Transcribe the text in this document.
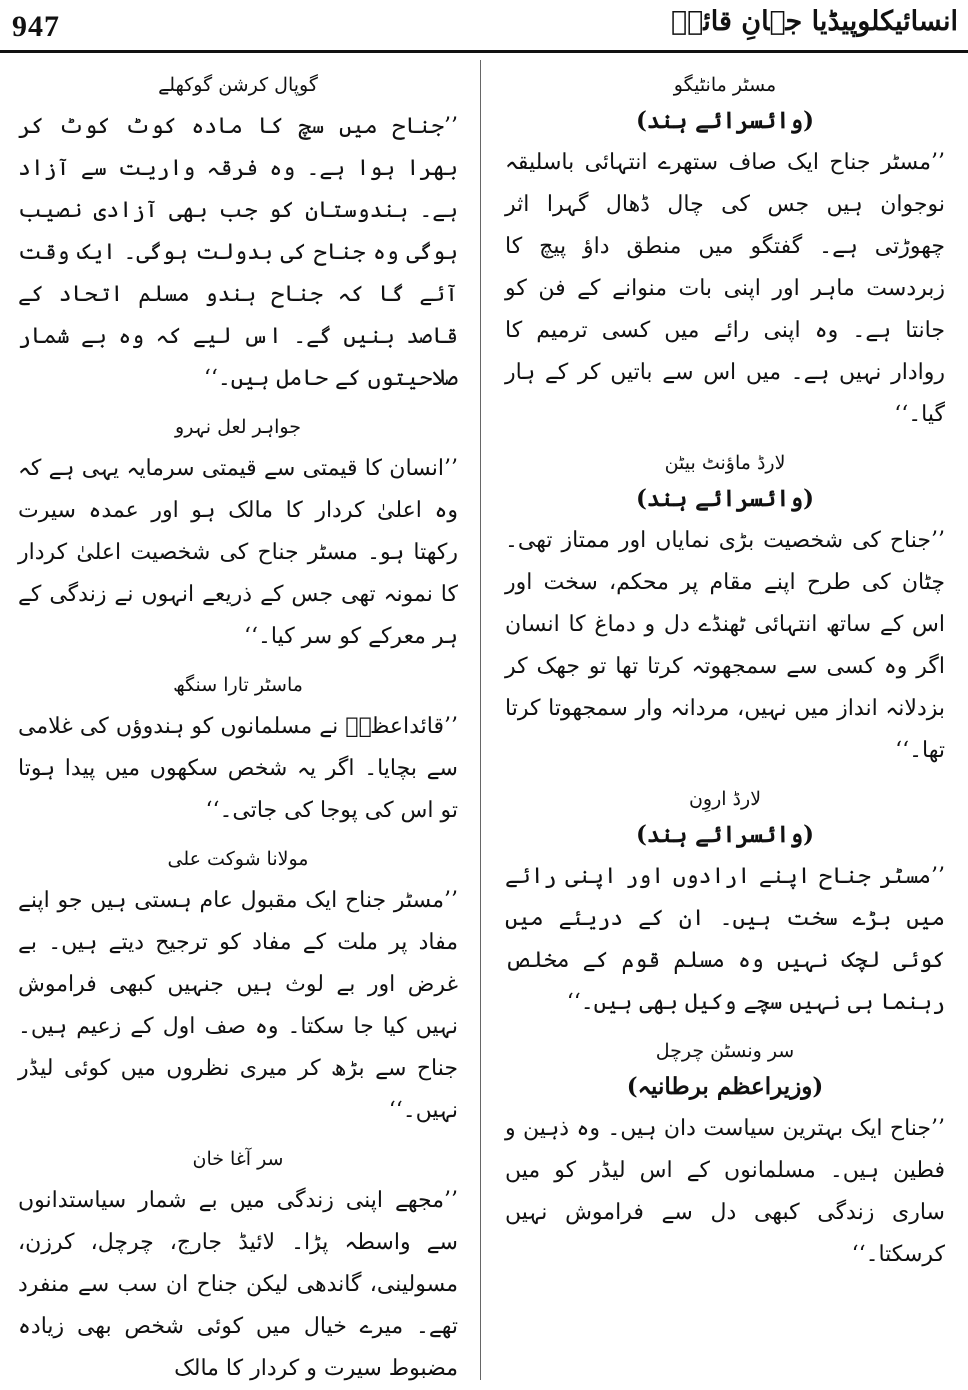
947	انسائیکلوپیڈیا جہانِ قائدؒ
مسٹر مانٹیگو
(وائسرائے ہند)
’’مسٹر جناح ایک صاف ستھرے انتہائی باسلیقہ نوجوان ہیں جس کی چال ڈھال گہرا اثر چھوڑتی ہے۔ گفتگو میں منطق داؤ پیچ کا زبردست ماہر اور اپنی بات منوانے کے فن کو جانتا ہے۔ وہ اپنی رائے میں کسی ترمیم کا روادار نہیں ہے۔ میں اس سے باتیں کر کے ہار گیا۔‘‘
لارڈ ماؤنٹ بیٹن
(وائسرائے ہند)
’’جناح کی شخصیت بڑی نمایاں اور ممتاز تھی۔ چٹان کی طرح اپنے مقام پر محکم، سخت اور اس کے ساتھ انتہائی ٹھنڈے دل و دماغ کا انسان اگر وہ کسی سے سمجھوتہ کرتا تھا تو جھک کر بزدلانہ انداز میں نہیں، مردانہ وار سمجھوتا کرتا تھا۔‘‘
لارڈ اروِن
(وائسرائے ہند)
’’مسٹر جناح اپنے ارادوں اور اپنی رائے میں بڑے سخت ہیں۔ ان کے دریئے میں کوئی لچک نہیں وہ مسلم قوم کے مخلص رہنما ہی نہیں سچے وکیل بھی ہیں۔‘‘
سر ونسٹن چرچل
(وزیراعظم برطانیہ)
’’جناح ایک بہترین سیاست دان ہیں۔ وہ ذہین و فطین ہیں۔ مسلمانوں کے اس لیڈر کو میں ساری زندگی کبھی دل سے فراموش نہیں کرسکتا۔‘‘
گوپال کرشن گوکھلے
’’جناح میں سچ کا مادہ کوٹ کوٹ کر بھرا ہوا ہے۔ وہ فرقہ واریت سے آزاد ہے۔ ہندوستان کو جب بھی آزادی نصیب ہوگی وہ جناح کی بدولت ہوگی۔ ایک وقت آئے گا کہ جناح ہندو مسلم اتحاد کے قاصد بنیں گے۔ اس لیے کہ وہ بے شمار صلاحیتوں کے حامل ہیں۔‘‘
جواہر لعل نہرو
’’انسان کا قیمتی سے قیمتی سرمایہ یہی ہے کہ وہ اعلیٰ کردار کا مالک ہو اور عمدہ سیرت رکھتا ہو۔ مسٹر جناح کی شخصیت اعلیٰ کردار کا نمونہ تھی جس کے ذریعے انہوں نے زندگی کے ہر معرکے کو سر کیا۔‘‘
ماسٹر تارا سنگھ
’’قائداعظمؒ نے مسلمانوں کو ہندوؤں کی غلامی سے بچایا۔ اگر یہ شخص سکھوں میں پیدا ہوتا تو اس کی پوجا کی جاتی۔‘‘
مولانا شوکت علی
’’مسٹر جناح ایک مقبول عام ہستی ہیں جو اپنے مفاد پر ملت کے مفاد کو ترجیح دیتے ہیں۔ بے غرض اور بے لوث ہیں جنہیں کبھی فراموش نہیں کیا جا سکتا۔ وہ صف اول کے زعیم ہیں۔ جناح سے بڑھ کر میری نظروں میں کوئی لیڈر نہیں۔‘‘
سر آغا خان
’’مجھے اپنی زندگی میں بے شمار سیاستدانوں سے واسطہ پڑا۔ لائیڈ جارج، چرچل، کرزن، مسولینی، گاندھی لیکن جناح ان سب سے منفرد تھے۔ میرے خیال میں کوئی شخص بھی زیادہ مضبوط سیرت و کردار کا مالک
